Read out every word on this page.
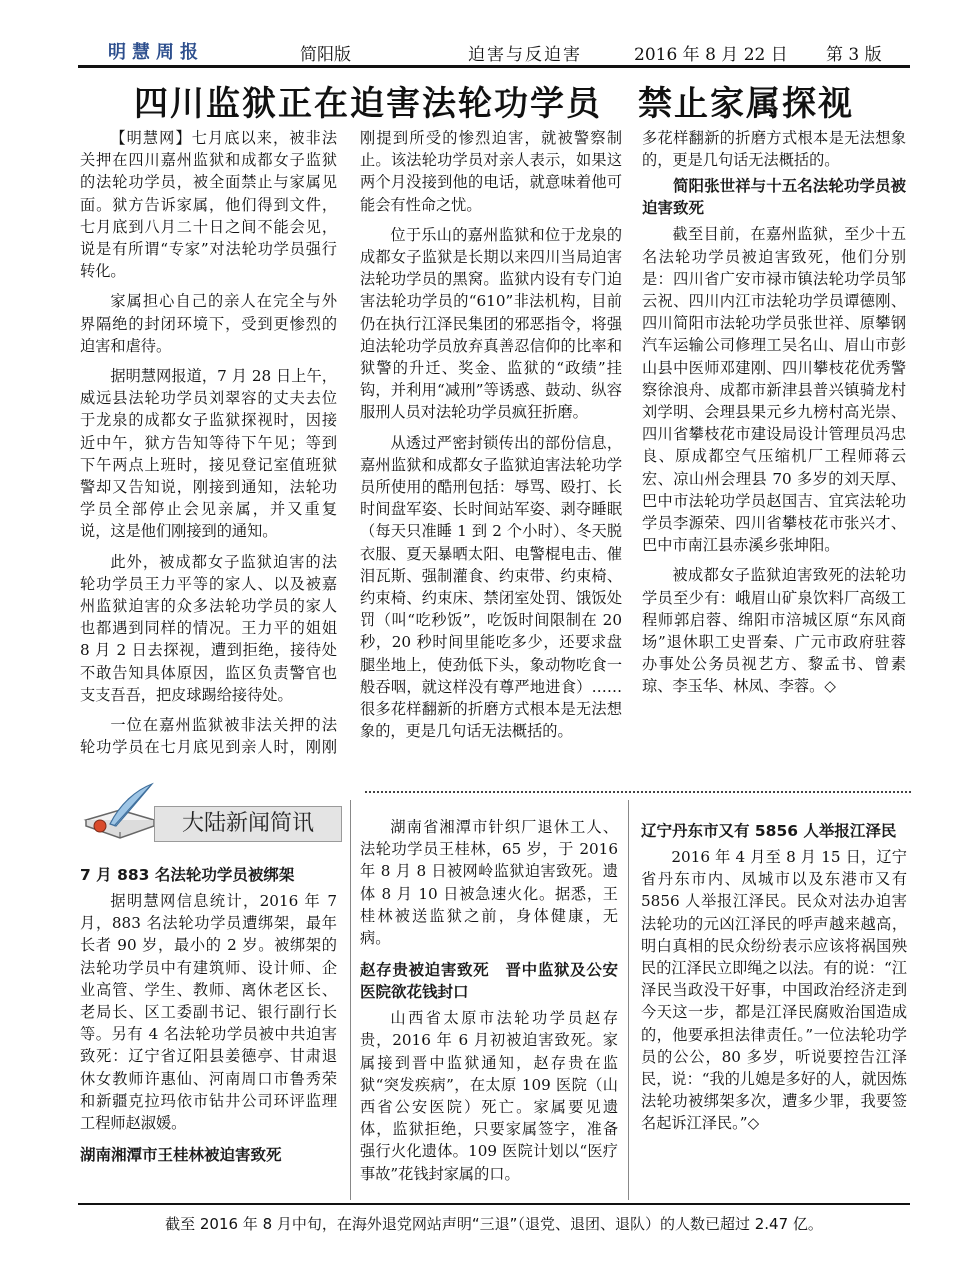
明慧周报	简阳版	迫害与反迫害	2016 年 8 月 22 日 第 3 版
四川监狱正在迫害法轮功学员　禁止家属探视

【明慧网】七月底以来，被非法关押在四川嘉州监狱和成都女子监狱的法轮功学员，被全面禁止与家属见面。狱方告诉家属，他们得到文件，七月底到八月二十日之间不能会见，说是有所谓“专家”对法轮功学员强行转化。

家属担心自己的亲人在完全与外界隔绝的封闭环境下，受到更惨烈的迫害和虐待。

据明慧网报道，7 月 28 日上午，威远县法轮功学员刘翠容的丈夫去位于龙泉的成都女子监狱探视时，因接近中午，狱方告知等待下午见；等到下午两点上班时，接见登记室值班狱警却又告知说，刚接到通知，法轮功学员全部停止会见亲属，并又重复说，这是他们刚接到的通知。

此外，被成都女子监狱迫害的法轮功学员王力平等的家人、以及被嘉州监狱迫害的众多法轮功学员的家人也都遇到同样的情况。王力平的姐姐 8 月 2 日去探视，遭到拒绝，接待处不敢告知具体原因，监区负责警官也支支吾吾，把皮球踢给接待处。

一位在嘉州监狱被非法关押的法轮功学员在七月底见到亲人时，刚刚

刚提到所受的惨烈迫害，就被警察制止。该法轮功学员对亲人表示，如果这两个月没接到他的电话，就意味着他可能会有性命之忧。

位于乐山的嘉州监狱和位于龙泉的成都女子监狱是长期以来四川当局迫害法轮功学员的黑窝。监狱内设有专门迫害法轮功学员的“610”非法机构，目前仍在执行江泽民集团的邪恶指令，将强迫法轮功学员放弃真善忍信仰的比率和狱警的升迁、奖金、监狱的“政绩”挂钩，并利用“减刑”等诱惑、鼓动、纵容服刑人员对法轮功学员疯狂折磨。

从透过严密封锁传出的部份信息，嘉州监狱和成都女子监狱迫害法轮功学员所使用的酷刑包括：辱骂、殴打、长时间盘军姿、长时间站军姿、剥夺睡眠（每天只准睡 1 到 2 个小时）、冬天脱衣服、夏天暴晒太阳、电警棍电击、催泪瓦斯、强制灌食、约束带、约束椅、约束椅、约束床、禁闭室处罚、饿饭处罚（叫“吃秒饭”，吃饭时间限制在 20 秒，20 秒时间里能吃多少，还要求盘腿坐地上，使劲低下头，象动物吃食一般吞咽，就这样没有尊严地进食）……很多花样翻新的折磨方式根本是无法想象的，更是几句话无法概括的。

多花样翻新的折磨方式根本是无法想象的，更是几句话无法概括的。

简阳张世祥与十五名法轮功学员被迫害致死

截至目前，在嘉州监狱，至少十五名法轮功学员被迫害致死，他们分别是：四川省广安市禄市镇法轮功学员邹云祝、四川内江市法轮功学员谭德刚、四川简阳市法轮功学员张世祥、原攀钢汽车运输公司修理工吴名山、眉山市彭山县中医师邓建刚、四川攀枝花优秀警察徐浪舟、成都市新津县普兴镇骑龙村刘学明、会理县果元乡九榜村高光崇、四川省攀枝花市建设局设计管理员冯忠良、原成都空气压缩机厂工程师蒋云宏、凉山州会理县 70 多岁的刘天厚、巴中市法轮功学员赵国吉、宜宾法轮功学员李源荣、四川省攀枝花市张兴才、巴中市南江县赤溪乡张坤阳。

被成都女子监狱迫害致死的法轮功学员至少有：峨眉山矿泉饮料厂高级工程师郭启蓉、绵阳市涪城区原“东风商场”退休职工史晋秦、广元市政府驻蓉办事处公务员视艺方、黎孟书、曾素琼、李玉华、林凤、李蓉。◇

大陆新闻简讯
7 月 883 名法轮功学员被绑架

据明慧网信息统计，2016 年 7 月，883 名法轮功学员遭绑架，最年长者 90 岁，最小的 2 岁。被绑架的法轮功学员中有建筑师、设计师、企业高管、学生、教师、离休老区长、老局长、区工委副书记、银行副行长等。另有 4 名法轮功学员被中共迫害致死：辽宁省辽阳县姜德亭、甘肃退休女教师许惠仙、河南周口市鲁秀荣和新疆克拉玛依市钻井公司环评监理工程师赵淑媛。

湖南湘潭市王桂林被迫害致死

湖南省湘潭市针织厂退休工人、法轮功学员王桂林，65 岁，于 2016 年 8 月 8 日被网岭监狱迫害致死。遗体 8 月 10 日被急速火化。据悉，王桂林被送监狱之前，身体健康，无病。

赵存贵被迫害致死　晋中监狱及公安医院欲花钱封口

山西省太原市法轮功学员赵存贵，2016 年 6 月初被迫害致死。家属接到晋中监狱通知，赵存贵在监狱“突发疾病”，在太原 109 医院（山西省公安医院）死亡。家属要见遗体，监狱拒绝，只要家属签字，准备强行火化遗体。109 医院计划以“医疗事故”花钱封家属的口。

辽宁丹东市又有 5856 人举报江泽民

2016 年 4 月至 8 月 15 日，辽宁省丹东市内、凤城市以及东港市又有 5856 人举报江泽民。民众对法办迫害法轮功的元凶江泽民的呼声越来越高，明白真相的民众纷纷表示应该将祸国殃民的江泽民立即绳之以法。有的说：“江泽民当政没干好事，中国政治经济走到今天这一步，都是江泽民腐败治国造成的，他要承担法律责任。”一位法轮功学员的公公，80 多岁，听说要控告江泽民，说：“我的儿媳是多好的人，就因炼法轮功被绑架多次，遭多少罪，我要签名起诉江泽民。”◇

截至 2016 年 8 月中旬，在海外退党网站声明“三退”（退党、退团、退队）的人数已超过 2.47 亿。
